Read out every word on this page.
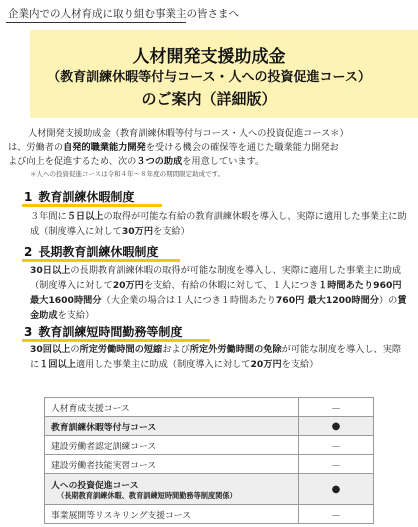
企業内での人材育成に取り組む事業主の皆さまへ
人材開発支援助成金
（教育訓練休暇等付与コース・人への投資促進コース）
のご案内（詳細版）
人材開発支援助成金（教育訓練休暇等付与コース・人への投資促進コース＊）
は、労働者の自発的職業能力開発を受ける機会の確保等を通じた職業能力開発お
よび向上を促進するため、次の３つの助成を用意しています。
＊人への投資促進コースは令和４年～８年度の期間限定助成です。
1 教育訓練休暇制度
３年間に５日以上の取得が可能な有給の教育訓練休暇を導入し、実際に適用した事業主に助成（制度導入に対して30万円を支給）
2 長期教育訓練休暇制度
30日以上の長期教育訓練休暇の取得が可能な制度を導入し、実際に適用した事業主に助成（制度導入に対して20万円を支給、有給の休暇に対して、１人につき１時間あたり960円 最大1600時間分（大企業の場合は１人につき１時間あたり760円 最大1200時間分）の賃金助成を支給）
3 教育訓練短時間勤務等制度
30回以上の所定労働時間の短縮および所定外労働時間の免除が可能な制度を導入し、実際に１回以上適用した事業主に助成（制度導入に対して20万円を支給）
人材育成支援コース	－
教育訓練休暇等付与コース	●
建設労働者認定訓練コース	－
建設労働者技能実習コース	－
人への投資促進コース
（長期教育訓練休暇、教育訓練短時間勤務等制度関係）	●
事業展開等リスキリング支援コース	－
